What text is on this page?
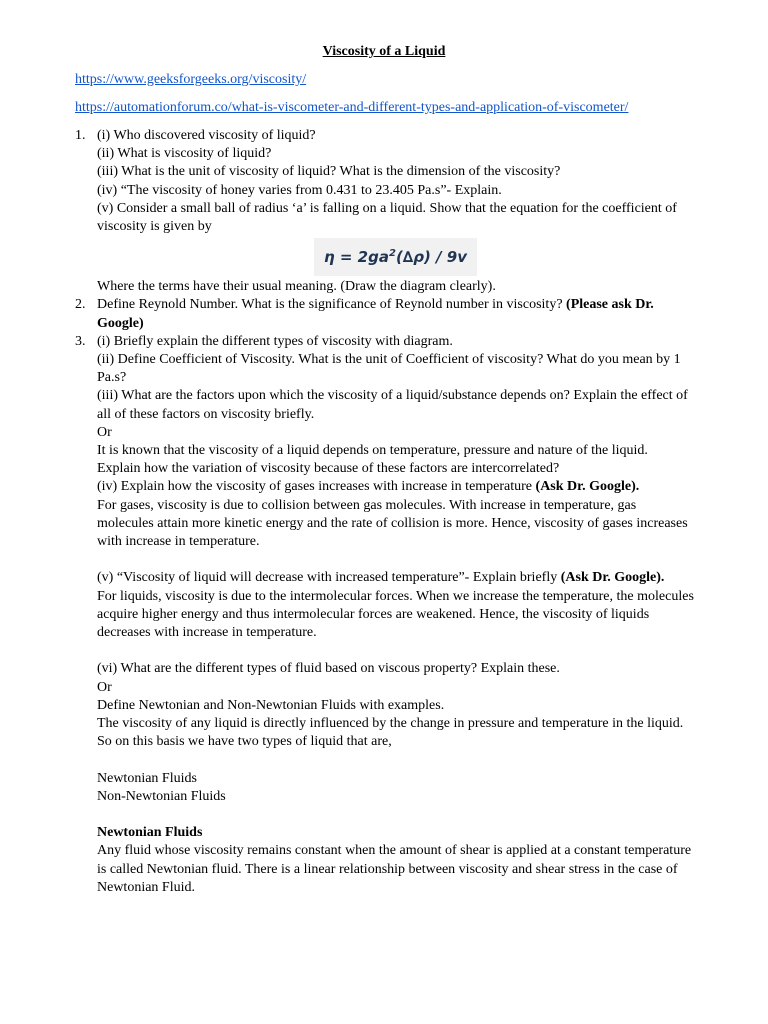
Viscosity of a Liquid
https://www.geeksforgeeks.org/viscosity/
https://automationforum.co/what-is-viscometer-and-different-types-and-application-of-viscometer/
1. (i) Who discovered viscosity of liquid?
(ii) What is viscosity of liquid?
(iii) What is the unit of viscosity of liquid? What is the dimension of the viscosity?
(iv) “The viscosity of honey varies from 0.431 to 23.405 Pa.s”- Explain.
(v) Consider a small ball of radius ‘a’ is falling on a liquid. Show that the equation for the coefficient of viscosity is given by
$\eta = 2ga^2(\Delta\rho) / 9v$
Where the terms have their usual meaning. (Draw the diagram clearly).
2. Define Reynold Number. What is the significance of Reynold number in viscosity? (Please ask Dr. Google)
3. (i) Briefly explain the different types of viscosity with diagram.
(ii) Define Coefficient of Viscosity. What is the unit of Coefficient of viscosity? What do you mean by 1 Pa.s?
(iii) What are the factors upon which the viscosity of a liquid/substance depends on? Explain the effect of all of these factors on viscosity briefly.
Or
It is known that the viscosity of a liquid depends on temperature, pressure and nature of the liquid. Explain how the variation of viscosity because of these factors are intercorrelated?
(iv) Explain how the viscosity of gases increases with increase in temperature (Ask Dr. Google).
For gases, viscosity is due to collision between gas molecules. With increase in temperature, gas molecules attain more kinetic energy and the rate of collision is more. Hence, viscosity of gases increases with increase in temperature.
(v) “Viscosity of liquid will decrease with increased temperature”- Explain briefly (Ask Dr. Google).
For liquids, viscosity is due to the intermolecular forces. When we increase the temperature, the molecules acquire higher energy and thus intermolecular forces are weakened. Hence, the viscosity of liquids decreases with increase in temperature.
(vi) What are the different types of fluid based on viscous property? Explain these.
Or
Define Newtonian and Non-Newtonian Fluids with examples.
The viscosity of any liquid is directly influenced by the change in pressure and temperature in the liquid. So on this basis we have two types of liquid that are,
Newtonian Fluids
Non-Newtonian Fluids
Newtonian Fluids
Any fluid whose viscosity remains constant when the amount of shear is applied at a constant temperature is called Newtonian fluid. There is a linear relationship between viscosity and shear stress in the case of Newtonian Fluid.
